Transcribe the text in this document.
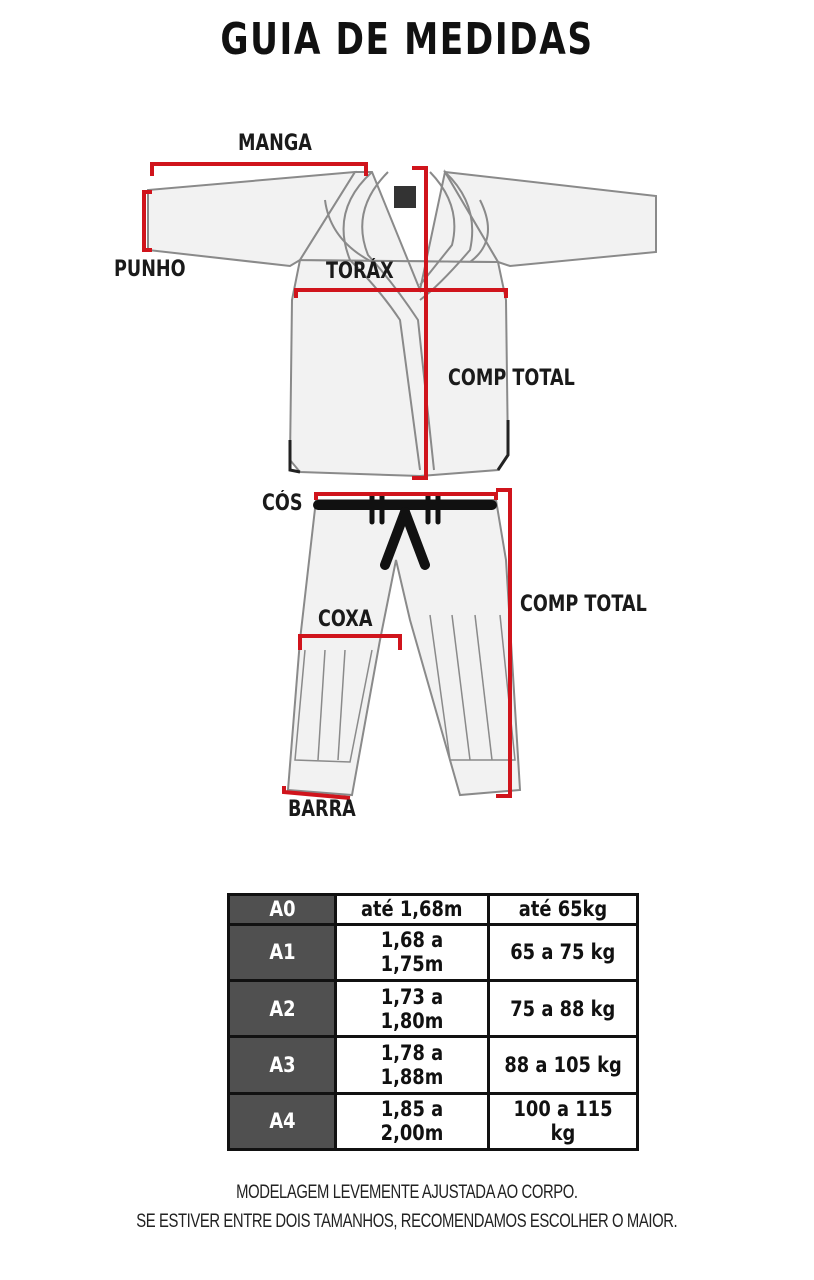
GUIA DE MEDIDAS
MANGA
PUNHO	TORÁX
COMP TOTAL
CÓS
COMP TOTAL
COXA
BARRA
A0	até 1,68m	até 65kg
A1	1,68 a 1,75m	65 a 75 kg
A2	1,73 a 1,80m	75 a 88 kg
A3	1,78 a 1,88m	88 a 105 kg
A4	1,85 a 2,00m	100 a 115 kg
MODELAGEM LEVEMENTE AJUSTADA AO CORPO.
SE ESTIVER ENTRE DOIS TAMANHOS, RECOMENDAMOS ESCOLHER O MAIOR.
